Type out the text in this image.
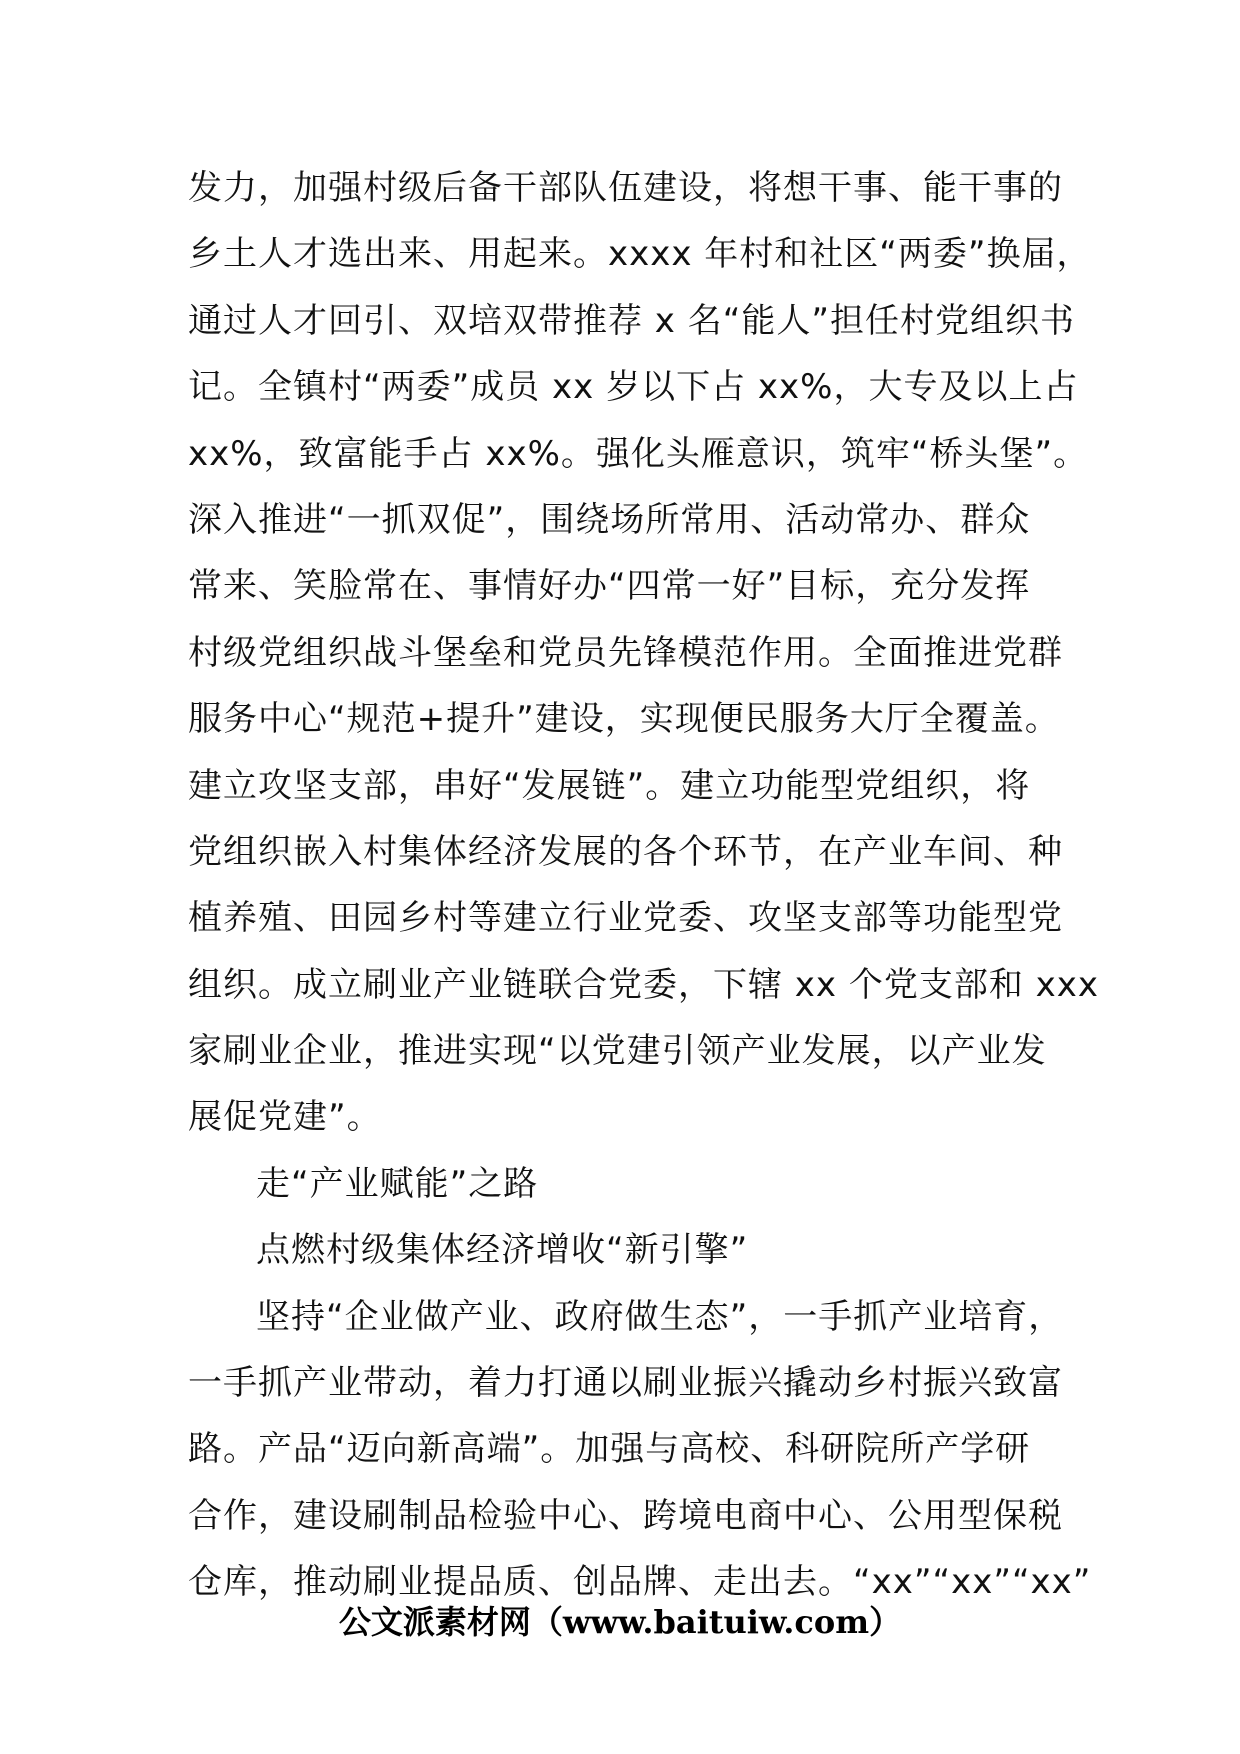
发力，加强村级后备干部队伍建设，将想干事、能干事的
乡土人才选出来、用起来。xxxx 年村和社区“两委”换届，
通过人才回引、双培双带推荐 x 名“能人”担任村党组织书
记。全镇村“两委”成员 xx 岁以下占 xx%，大专及以上占
xx%，致富能手占 xx%。强化头雁意识，筑牢“桥头堡”。
深入推进“一抓双促”，围绕场所常用、活动常办、群众
常来、笑脸常在、事情好办“四常一好”目标，充分发挥
村级党组织战斗堡垒和党员先锋模范作用。全面推进党群
服务中心“规范+提升”建设，实现便民服务大厅全覆盖。
建立攻坚支部，串好“发展链”。建立功能型党组织，将
党组织嵌入村集体经济发展的各个环节，在产业车间、种
植养殖、田园乡村等建立行业党委、攻坚支部等功能型党
组织。成立刷业产业链联合党委，下辖 xx 个党支部和 xxx
家刷业企业，推进实现“以党建引领产业发展，以产业发
展促党建”。
走“产业赋能”之路
点燃村级集体经济增收“新引擎”
坚持“企业做产业、政府做生态”，一手抓产业培育，
一手抓产业带动，着力打通以刷业振兴撬动乡村振兴致富
路。产品“迈向新高端”。加强与高校、科研院所产学研
合作，建设刷制品检验中心、跨境电商中心、公用型保税
仓库，推动刷业提品质、创品牌、走出去。“xx”“xx”“xx”
公文派素材网（www.baituiw.com）
